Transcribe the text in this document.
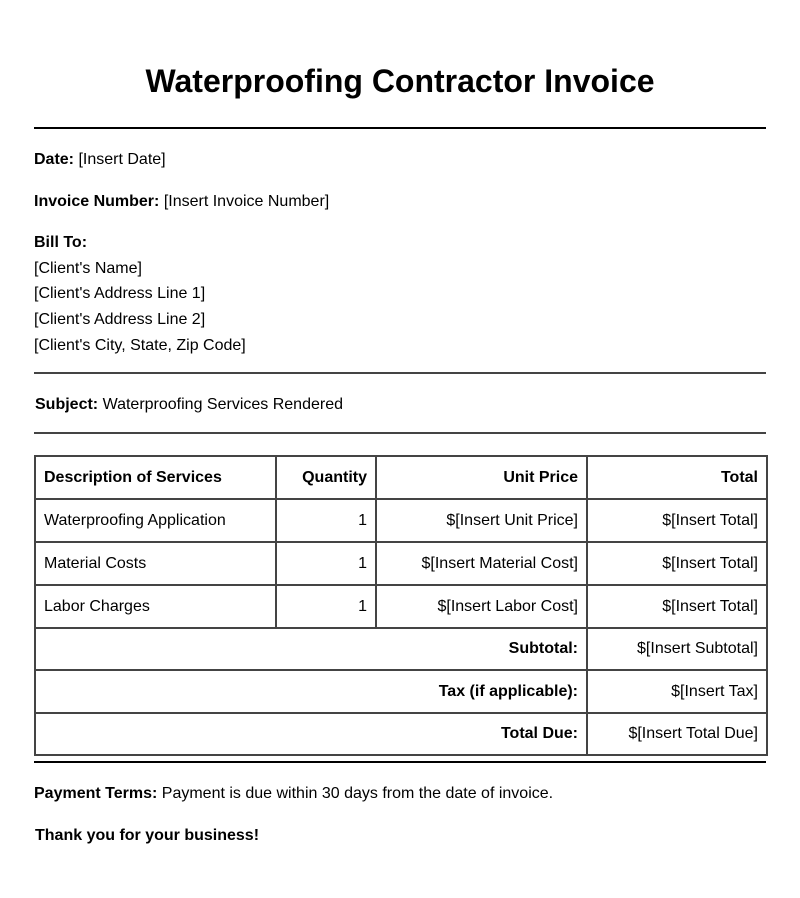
Waterproofing Contractor Invoice
Date: [Insert Date]
Invoice Number: [Insert Invoice Number]
Bill To:
[Client's Name]
[Client's Address Line 1]
[Client's Address Line 2]
[Client's City, State, Zip Code]
Subject: Waterproofing Services Rendered
Description of Services	Quantity	Unit Price	Total
Waterproofing Application	1	$[Insert Unit Price]	$[Insert Total]
Material Costs	1	$[Insert Material Cost]	$[Insert Total]
Labor Charges	1	$[Insert Labor Cost]	$[Insert Total]
Subtotal:			$[Insert Subtotal]
Tax (if applicable):			$[Insert Tax]
Total Due:			$[Insert Total Due]
Payment Terms: Payment is due within 30 days from the date of invoice.
Thank you for your business!
